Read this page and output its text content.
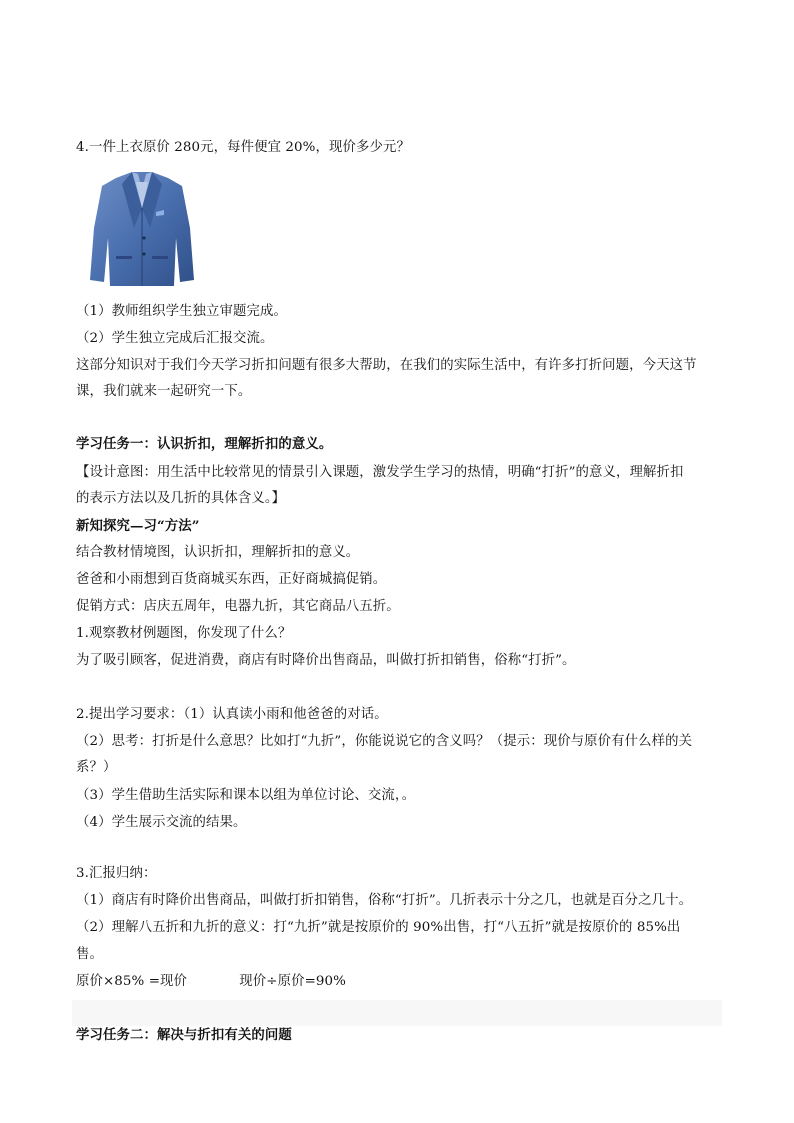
4.一件上衣原价 280元，每件便宜 20%，现价多少元？
（1）教师组织学生独立审题完成。
（2）学生独立完成后汇报交流。
这部分知识对于我们今天学习折扣问题有很多大帮助，在我们的实际生活中，有许多打折问题，今天这节
课，我们就来一起研究一下。
学习任务一：认识折扣，理解折扣的意义。
【设计意图：用生活中比较常见的情景引入课题，激发学生学习的热情，明确“打折”的意义，理解折扣
的表示方法以及几折的具体含义。】
新知探究—习“方法”
结合教材情境图，认识折扣，理解折扣的意义。
爸爸和小雨想到百货商城买东西，正好商城搞促销。
促销方式：店庆五周年，电器九折，其它商品八五折。
1.观察教材例题图，你发现了什么？
为了吸引顾客，促进消费，商店有时降价出售商品，叫做打折扣销售，俗称“打折”。
2.提出学习要求：（1）认真读小雨和他爸爸的对话。
（2）思考：打折是什么意思？比如打“九折”，你能说说它的含义吗？（提示：现价与原价有什么样的关
系？）
（3）学生借助生活实际和课本以组为单位讨论、交流，。
（4）学生展示交流的结果。
3.汇报归纳：
（1）商店有时降价出售商品，叫做打折扣销售，俗称“打折”。几折表示十分之几，也就是百分之几十。
（2）理解八五折和九折的意义：打“九折”就是按原价的 90%出售，打“八五折”就是按原价的 85%出
售。
原价×85% =现价            现价÷原价=90%
学习任务二：解决与折扣有关的问题
